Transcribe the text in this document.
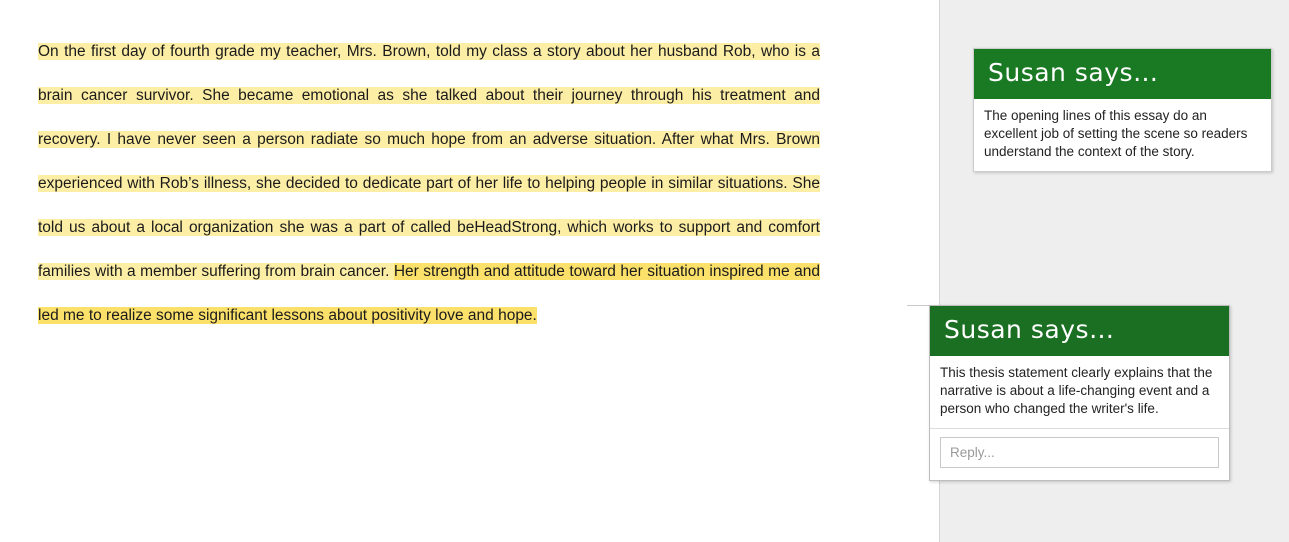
On the first day of fourth grade my teacher, Mrs. Brown, told my class a story about her husband Rob, who is a brain cancer survivor. She became emotional as she talked about their journey through his treatment and recovery. I have never seen a person radiate so much hope from an adverse situation. After what Mrs. Brown experienced with Rob’s illness, she decided to dedicate part of her life to helping people in similar situations. She told us about a local organization she was a part of called beHeadStrong, which works to support and comfort families with a member suffering from brain cancer. Her strength and attitude toward her situation inspired me and led me to realize some significant lessons about positivity love and hope.

Susan says…
The opening lines of this essay do an excellent job of setting the scene so readers understand the context of the story.
Susan says…
This thesis statement clearly explains that the narrative is about a life-changing event and a person who changed the writer's life.
Reply...
